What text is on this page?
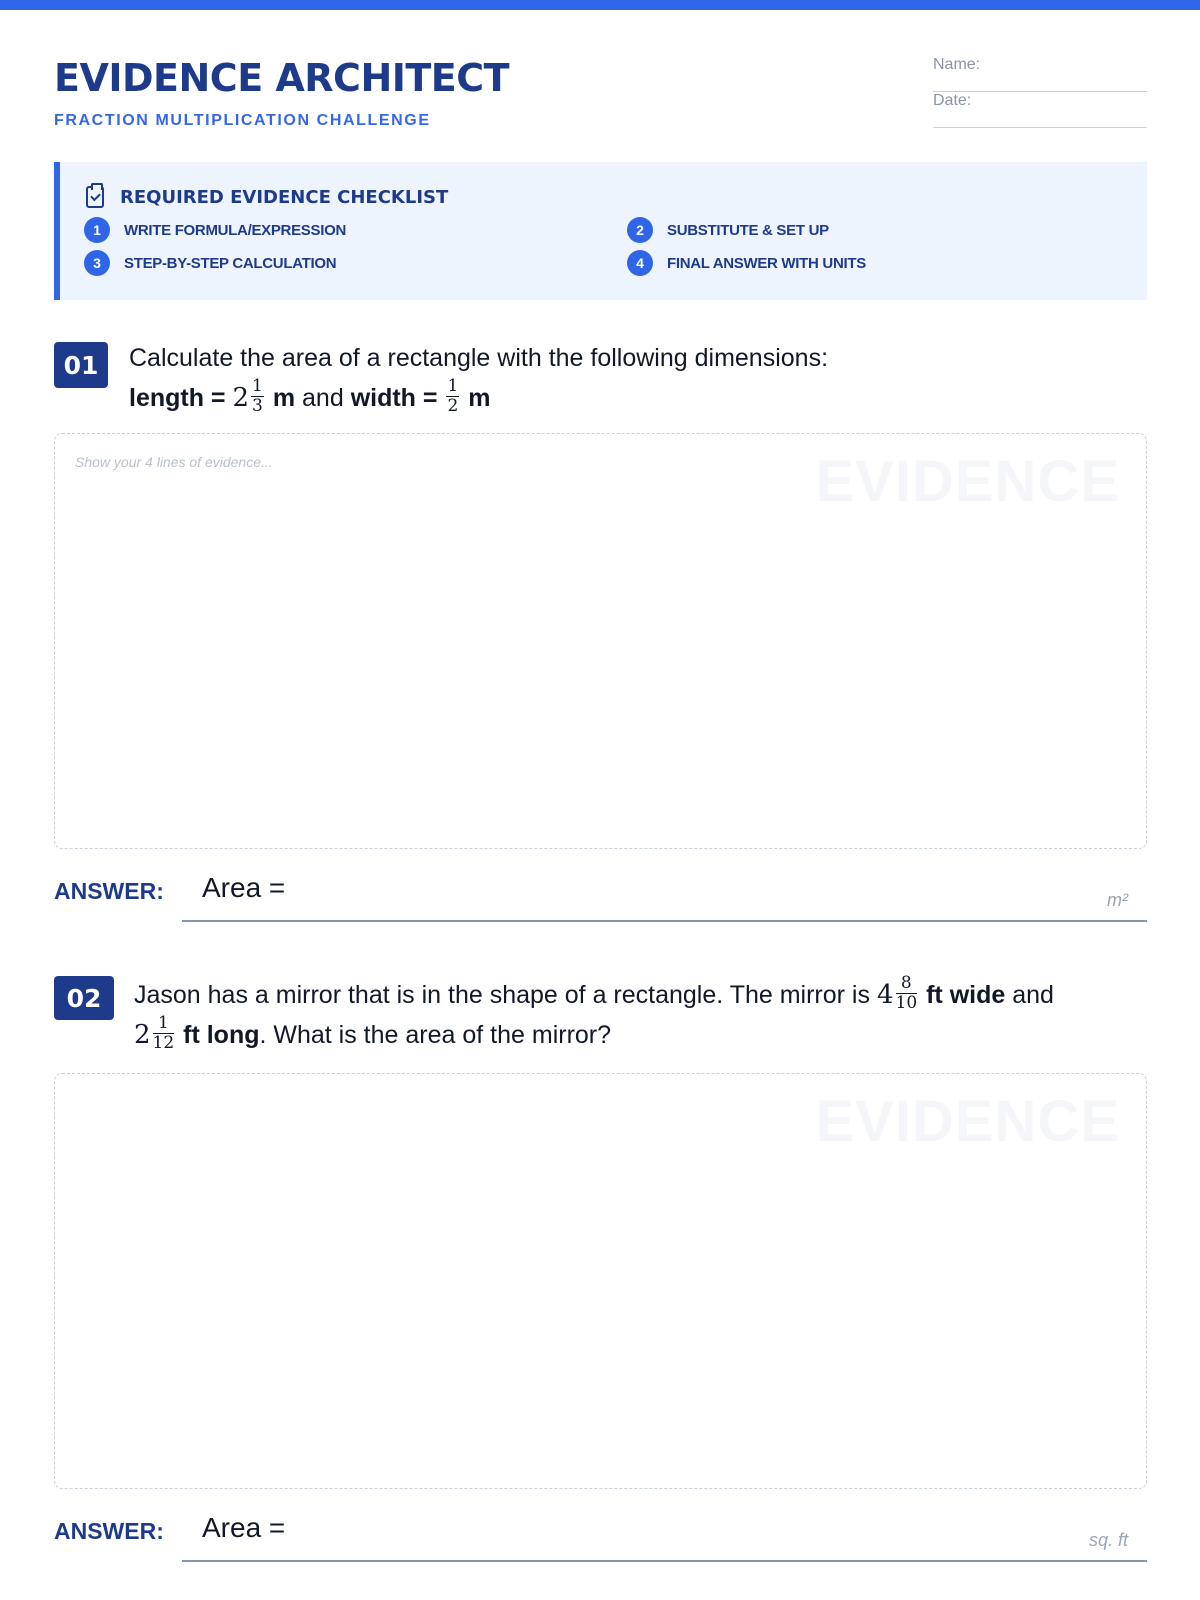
EVIDENCE ARCHITECT
FRACTION MULTIPLICATION CHALLENGE
Name:
Date:
REQUIRED EVIDENCE CHECKLIST
1	WRITE FORMULA/EXPRESSION	2	SUBSTITUTE & SET UP
3	STEP-BY-STEP CALCULATION	4	FINAL ANSWER WITH UNITS
01	Calculate the area of a rectangle with the following dimensions:
length = $2 \frac{1}{3}$ m and width = $\frac{1}{2}$ m
Show your 4 lines of evidence...	EVIDENCE
ANSWER: Area =	m²
02	Jason has a mirror that is in the shape of a rectangle. The mirror is $4 \frac{8}{10}$ ft wide and
$2 \frac{1}{12}$ ft long. What is the area of the mirror?
EVIDENCE
ANSWER: Area =	sq. ft
